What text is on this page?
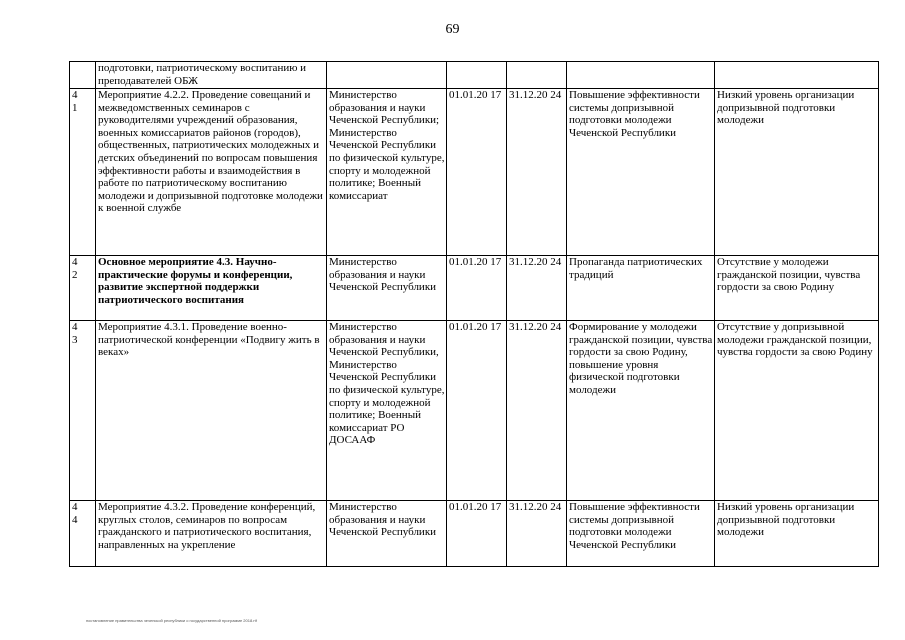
69
	подготовки, патриотическому воспитанию и преподавателей ОБЖ					

4
1	Мероприятие 4.2.2. Проведение совещаний и межведомственных семинаров с руководителями учреждений образования, военных комиссариатов районов (городов), общественных, патриотических молодежных и детских объединений по вопросам повышения эффективности работы и взаимодействия в работе по патриотическому воспитанию молодежи и допризывной подготовке молодежи к военной службе	Министерство образования и науки Чеченской Республики; Министерство Чеченской Республики по физической культуре, спорту и молодежной политике; Военный комиссариат	01.01.20 17	31.12.20 24	Повышение эффективности системы допризывной подготовки молодежи Чеченской Республики	Низкий уровень организации допризывной подготовки молодежи

4
2	Основное мероприятие 4.3. Научно-практические форумы и конференции, развитие экспертной поддержки патриотического воспитания	Министерство образования и науки Чеченской Республики	01.01.20 17	31.12.20 24	Пропаганда патриотических традиций	Отсутствие у молодежи гражданской позиции, чувства гордости за свою Родину

4
3	Мероприятие 4.3.1. Проведение военно-патриотической конференции «Подвигу жить в веках»	Министерство образования и науки Чеченской Республики, Министерство Чеченской Республики по физической культуре, спорту и молодежной политике; Военный комиссариат РО ДОСААФ	01.01.20 17	31.12.20 24	Формирование у молодежи гражданской позиции, чувства гордости за свою Родину, повышение уровня физической подготовки молодежи	Отсутствие у допризывной молодежи гражданской позиции, чувства гордости за свою Родину

4
4	Мероприятие 4.3.2. Проведение конференций, круглых столов, семинаров по вопросам гражданского и патриотического воспитания, направленных на укрепление	Министерство образования и науки Чеченской Республики	01.01.20 17	31.12.20 24	Повышение эффективности системы допризывной подготовки молодежи Чеченской Республики	Низкий уровень организации допризывной подготовки молодежи
постановление правительства чеченской республики о государственной программе 2018.rtf
